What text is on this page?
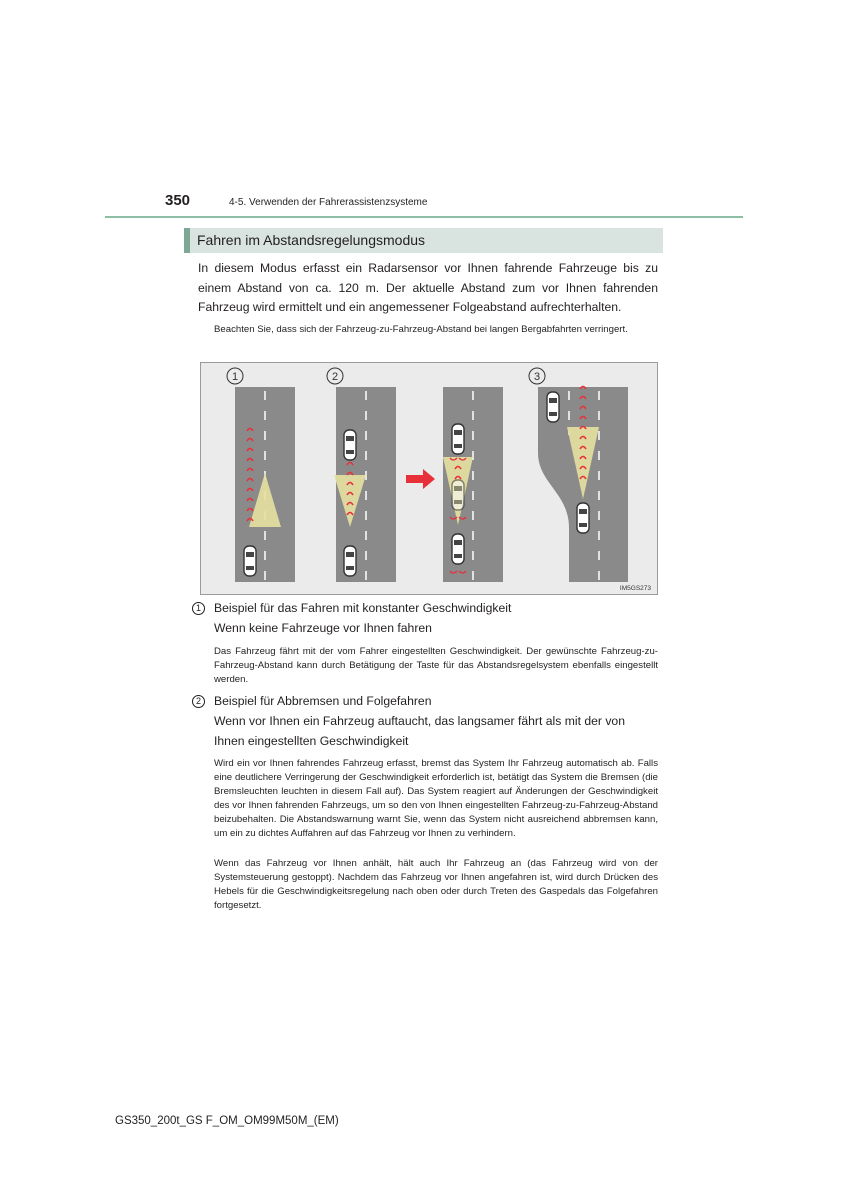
350	4-5. Verwenden der Fahrerassistenzsysteme
Fahren im Abstandsregelungsmodus

In diesem Modus erfasst ein Radarsensor vor Ihnen fahrende Fahrzeuge bis zu einem Abstand von ca. 120 m. Der aktuelle Abstand zum vor Ihnen fahrenden Fahrzeug wird ermittelt und ein angemessener Folgeabstand aufrechterhalten.

Beachten Sie, dass sich der Fahrzeug-zu-Fahrzeug-Abstand bei langen Bergabfahrten verringert.

1	2	3
IM5GS273
1	Beispiel für das Fahren mit konstanter Geschwindigkeit
Wenn keine Fahrzeuge vor Ihnen fahren

Das Fahrzeug fährt mit der vom Fahrer eingestellten Geschwindigkeit. Der gewünschte Fahrzeug-zu-Fahrzeug-Abstand kann durch Betätigung der Taste für das Abstandsregelsystem ebenfalls eingestellt werden.

2	Beispiel für Abbremsen und Folgefahren
Wenn vor Ihnen ein Fahrzeug auftaucht, das langsamer fährt als mit der von
Ihnen eingestellten Geschwindigkeit

Wird ein vor Ihnen fahrendes Fahrzeug erfasst, bremst das System Ihr Fahrzeug automatisch ab. Falls eine deutlichere Verringerung der Geschwindigkeit erforderlich ist, betätigt das System die Bremsen (die Bremsleuchten leuchten in diesem Fall auf). Das System reagiert auf Änderungen der Geschwindigkeit des vor Ihnen fahrenden Fahrzeugs, um so den von Ihnen eingestellten Fahrzeug-zu-Fahrzeug-Abstand beizubehalten. Die Abstandswarnung warnt Sie, wenn das System nicht ausreichend abbremsen kann, um ein zu dichtes Auffahren auf das Fahrzeug vor Ihnen zu verhindern.

Wenn das Fahrzeug vor Ihnen anhält, hält auch Ihr Fahrzeug an (das Fahrzeug wird von der Systemsteuerung gestoppt). Nachdem das Fahrzeug vor Ihnen angefahren ist, wird durch Drücken des Hebels für die Geschwindigkeitsregelung nach oben oder durch Treten des Gaspedals das Folgefahren fortgesetzt.

GS350_200t_GS F_OM_OM99M50M_(EM)
